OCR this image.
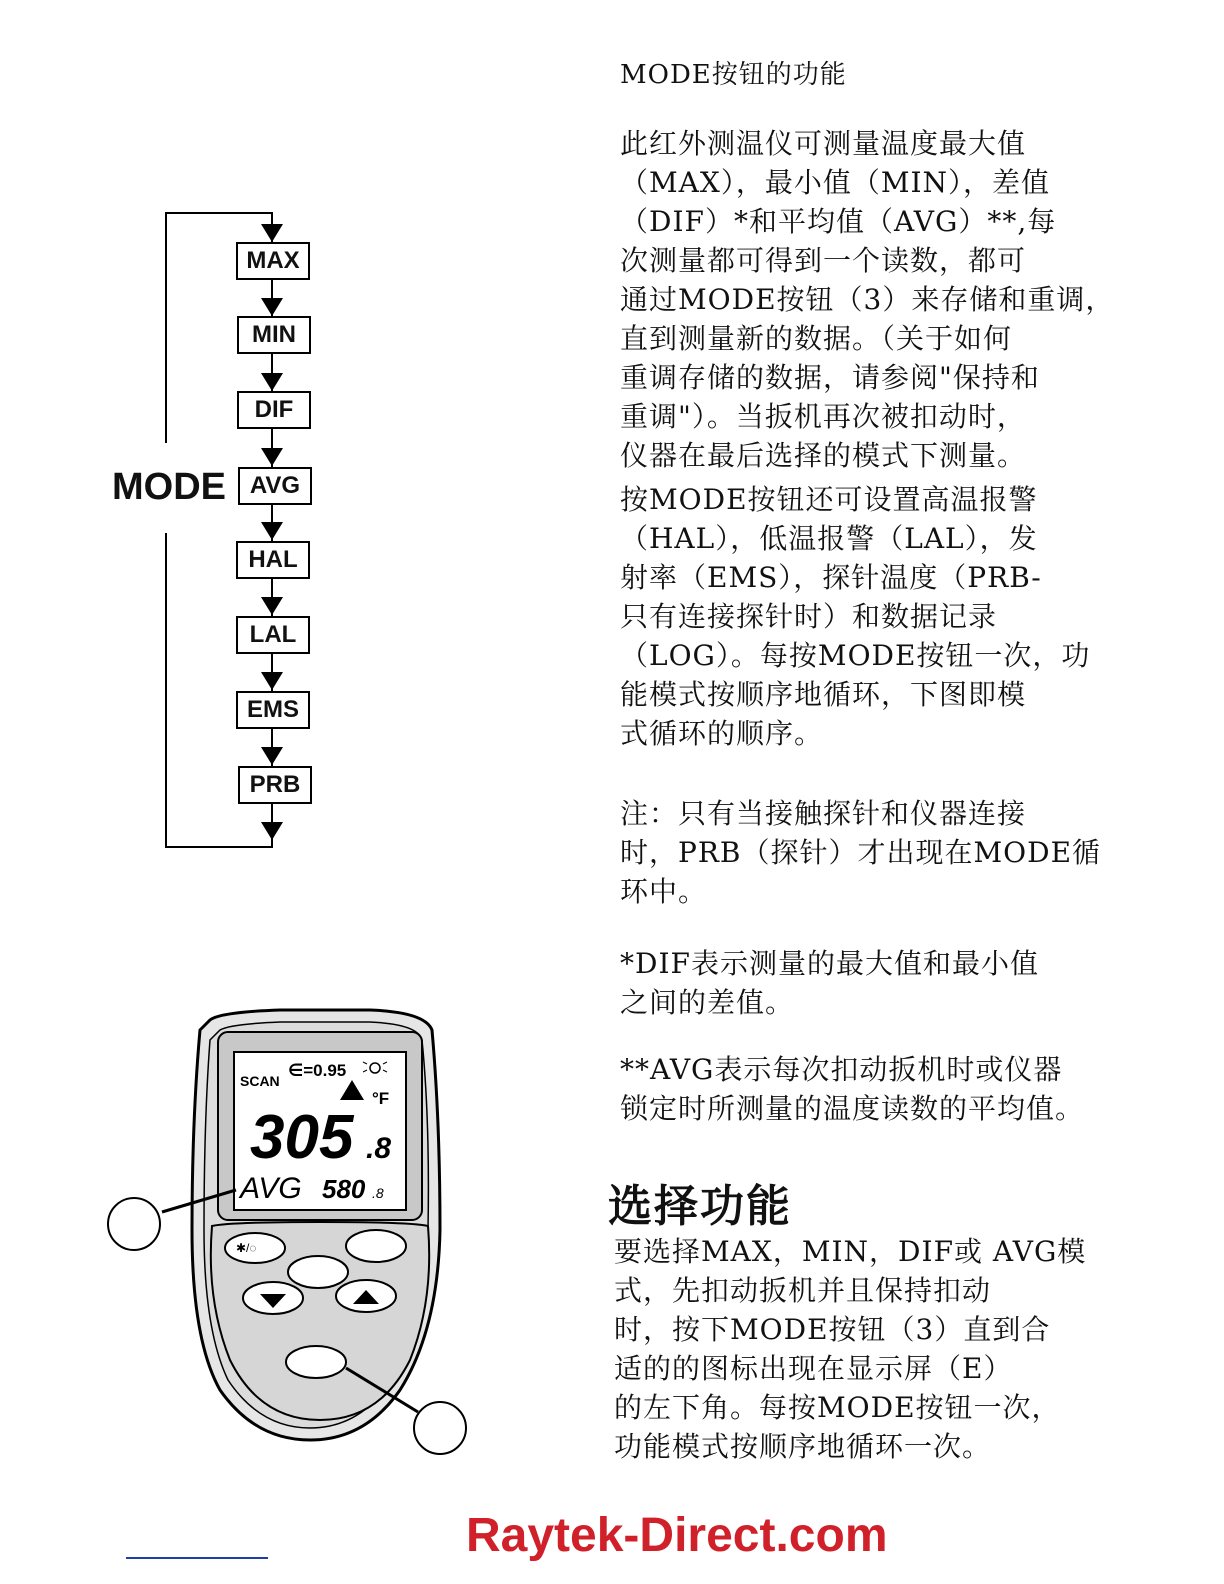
MODE按钮的功能

此红外测温仪可测量温度最大值
（MAX），最小值（MIN），差值
（DIF）*和平均值（AVG）**,每
次测量都可得到一个读数，都可
通过MODE按钮（3）来存储和重调，
直到测量新的数据。（关于如何
重调存储的数据，请参阅"保持和
重调"）。当扳机再次被扣动时，
仪器在最后选择的模式下测量。

按MODE按钮还可设置高温报警
（HAL），低温报警（LAL），发
射率（EMS），探针温度（PRB-
只有连接探针时）和数据记录
（LOG）。每按MODE按钮一次，功
能模式按顺序地循环，下图即模
式循环的顺序。

注：只有当接触探针和仪器连接
时，PRB（探针）才出现在MODE循
环中。

*DIF表示测量的最大值和最小值
之间的差值。

**AVG表示每次扣动扳机时或仪器
锁定时所测量的温度读数的平均值。

选择功能

要选择MAX，MIN，DIF或 AVG模
式，先扣动扳机并且保持扣动
时，按下MODE按钮（3）直到合
适的的图标出现在显示屏（E）
的左下角。每按MODE按钮一次，
功能模式按顺序地循环一次。

MODE
MAX
MIN
DIF
AVG
HAL
LAL
EMS
PRB
SCAN
∈=0.95
°F
305 .8
AVG 580 .8
✱/◌
Raytek-Direct.com
